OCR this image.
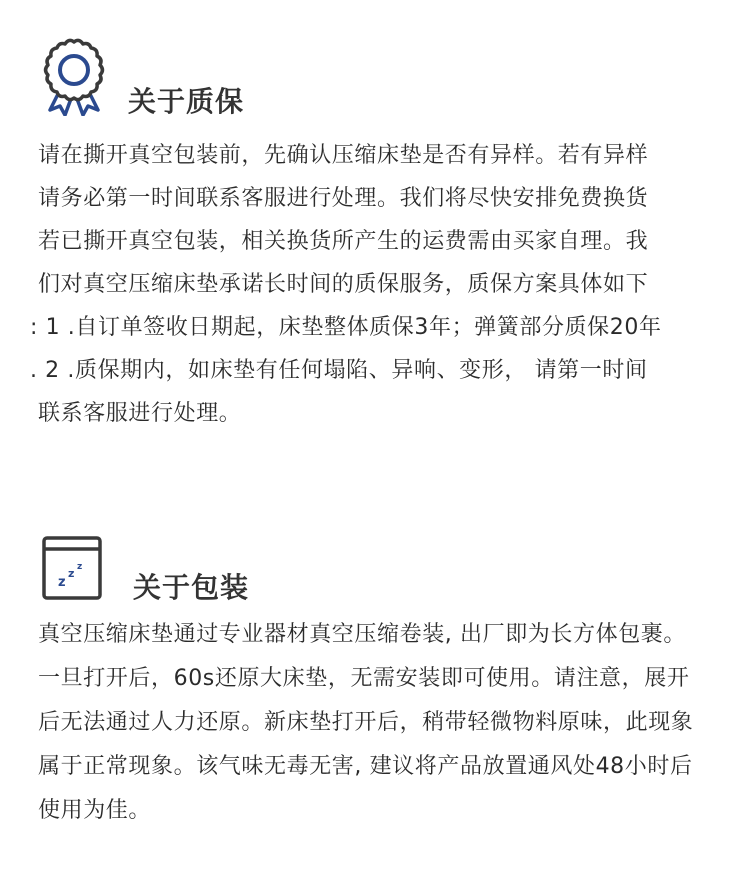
关于质保
请在撕开真空包装前，先确认压缩床垫是否有异样。若有异样
请务必第一时间联系客服进行处理。我们将尽快安排免费换货
若已撕开真空包装，相关换货所产生的运费需由买家自理。我
们对真空压缩床垫承诺长时间的质保服务，质保方案具体如下
: 1 .自订单签收日期起，床垫整体质保3年；弹簧部分质保20年
. 2 .质保期内，如床垫有任何塌陷、异响、变形， 请第一时间
联系客服进行处理。
z
z z
关于包装
真空压缩床垫通过专业器材真空压缩卷装, 出厂即为长方体包裹。
一旦打开后，60s还原大床垫，无需安装即可使用。请注意，展开
后无法通过人力还原。新床垫打开后，稍带轻微物料原味，此现象
属于正常现象。该气味无毒无害, 建议将产品放置通风处48小时后
使用为佳。
